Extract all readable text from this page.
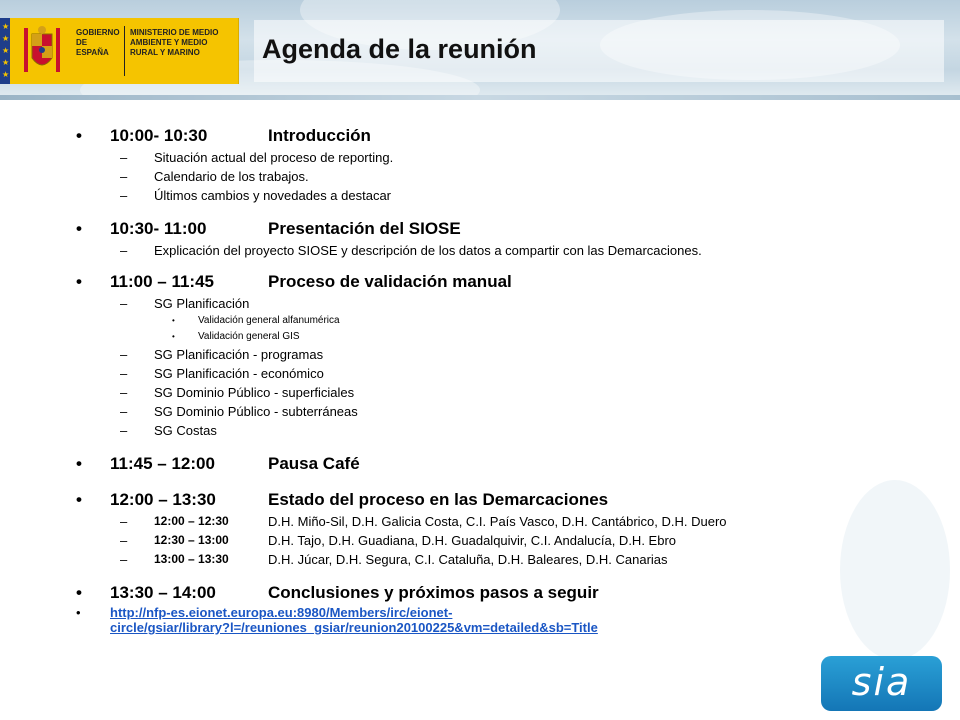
★
★
★
★
★
GOBIERNO DE ESPAÑA
MINISTERIO DE MEDIO AMBIENTE Y MEDIO RURAL Y MARINO	Agenda de la reunión
• 10:00- 10:30	Introducción
– Situación actual del proceso de reporting.
– Calendario de los trabajos.
– Últimos cambios y novedades a destacar
• 10:30- 11:00	Presentación del SIOSE
– Explicación del proyecto SIOSE y descripción de los datos a compartir con las Demarcaciones.
• 11:00 – 11:45	Proceso de validación manual
– SG Planificación
• Validación general alfanumérica
• Validación general GIS
– SG Planificación - programas
– SG Planificación - económico
– SG Dominio Público - superficiales
– SG Dominio Público - subterráneas
– SG Costas
• 11:45 – 12:00	Pausa Café
• 12:00 – 13:30	Estado del proceso en las Demarcaciones
– 12:00 – 12:30	D.H. Miño-Sil, D.H. Galicia Costa, C.I. País Vasco, D.H. Cantábrico, D.H. Duero
– 12:30 – 13:00	D.H. Tajo, D.H. Guadiana, D.H. Guadalquivir, C.I. Andalucía, D.H. Ebro
– 13:00 – 13:30	D.H. Júcar, D.H. Segura, C.I. Cataluña, D.H. Baleares, D.H. Canarias
• 13:30 – 14:00	Conclusiones y próximos pasos a seguir
• http://nfp-es.eionet.europa.eu:8980/Members/irc/eionet-
circle/gsiar/library?l=/reuniones_gsiar/reunion20100225&vm=detailed&sb=Title
sia
